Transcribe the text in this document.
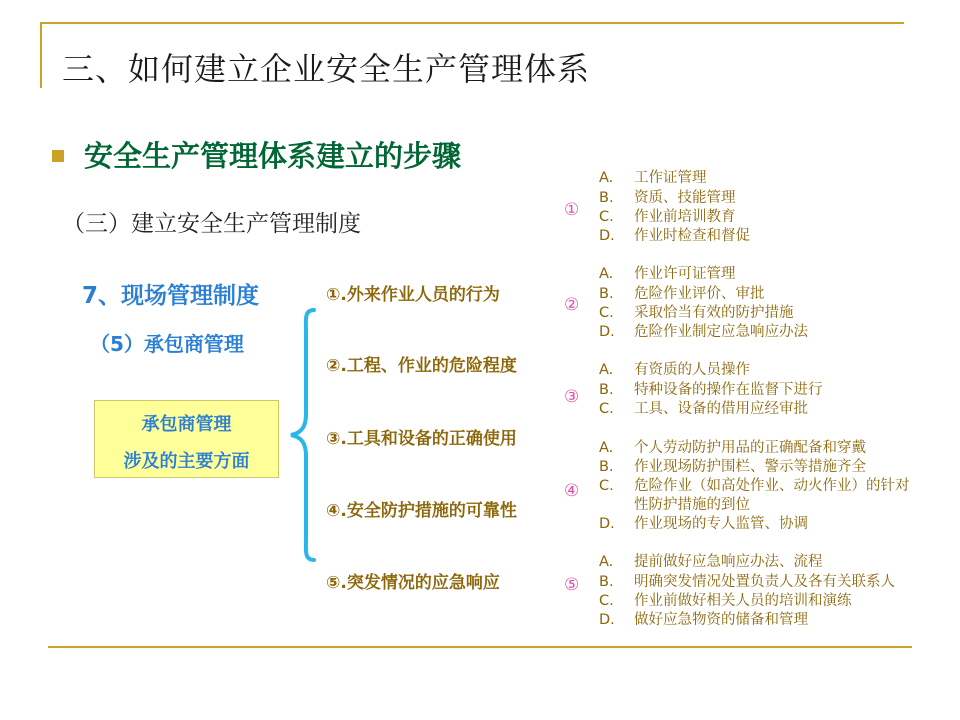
三、如何建立企业安全生产管理体系
安全生产管理体系建立的步骤
（三）建立安全生产管理制度
7、现场管理制度
（5）承包商管理
承包商管理
涉及的主要方面
①.外来作业人员的行为
②.工程、作业的危险程度
③.工具和设备的正确使用
④.安全防护措施的可靠性
⑤.突发情况的应急响应
①
A. 工作证管理
B. 资质、技能管理
C. 作业前培训教育
D. 作业时检查和督促
②
A. 作业许可证管理
B. 危险作业评价、审批
C. 采取恰当有效的防护措施
D. 危险作业制定应急响应办法
③
A. 有资质的人员操作
B. 特种设备的操作在监督下进行
C. 工具、设备的借用应经审批
④
A. 个人劳动防护用品的正确配备和穿戴
B. 作业现场防护围栏、警示等措施齐全
C. 危险作业（如高处作业、动火作业）的针对
性防护措施的到位
D. 作业现场的专人监管、协调
⑤
A. 提前做好应急响应办法、流程
B. 明确突发情况处置负责人及各有关联系人
C. 作业前做好相关人员的培训和演练
D. 做好应急物资的储备和管理
